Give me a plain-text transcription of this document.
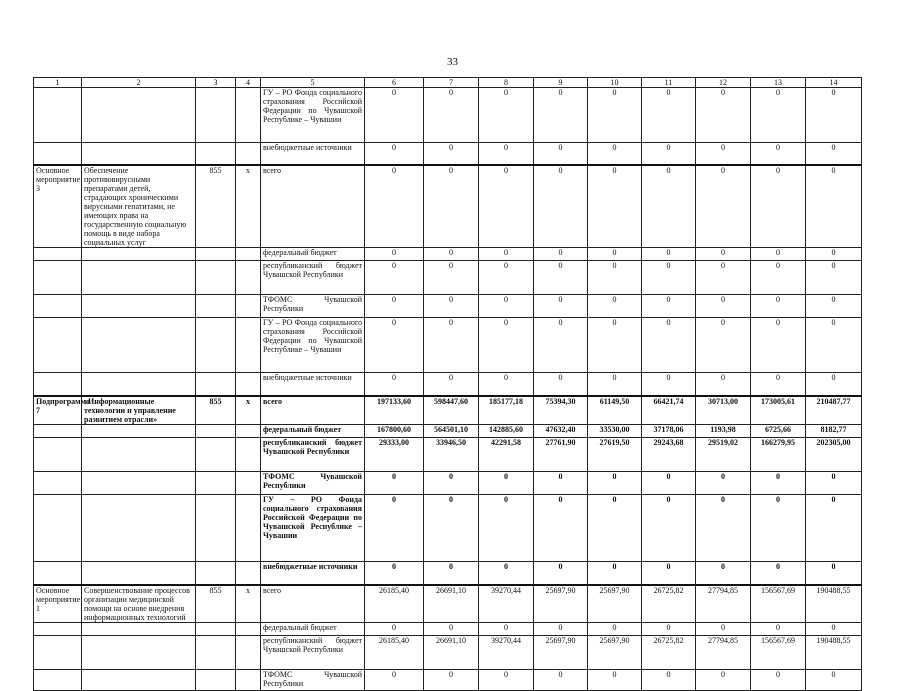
33
1	2	3	4	5	6	7	8	9	10	11	12	13	14
				ГУ – РО Фонда социального страхования Российской Федерации по Чувашской Республике – Чувашии	0	0	0	0	0	0	0	0	0
				внебюджетные источники	0	0	0	0	0	0	0	0	0
Основное мероприятие 3	Обеспечение противовирусными препаратами детей, страдающих хроническими вирусными гепатитами, не имеющих права на государственную социальную помощь в виде набора социальных услуг	855	х	всего	0	0	0	0	0	0	0	0	0
				федеральный бюджет	0	0	0	0	0	0	0	0	0
				республиканский бюджет Чувашской Республики	0	0	0	0	0	0	0	0	0
				ТФОМС Чувашской Республики	0	0	0	0	0	0	0	0	0
				ГУ – РО Фонда социального страхования Российской Федерации по Чувашской Республике – Чувашии	0	0	0	0	0	0	0	0	0
				внебюджетные источники	0	0	0	0	0	0	0	0	0
Подпрограмма 7	«Информационные технологии и управление развитием отрасли»	855	х	всего	197133,60	598447,60	185177,18	75394,30	61149,50	66421,74	30713,00	173005,61	210487,77
				федеральный бюджет	167800,60	564501,10	142885,60	47632,40	33530,00	37178,06	1193,98	6725,66	8182,77
				республиканский бюджет Чувашской Республики	29333,00	33946,50	42291,58	27761,90	27619,50	29243,68	29519,02	166279,95	202305,00
				ТФОМС Чувашской Республики	0	0	0	0	0	0	0	0	0
				ГУ – РО Фонда социального страхования Российской Федерации по Чувашской Республике – Чувашии	0	0	0	0	0	0	0	0	0
				внебюджетные источники	0	0	0	0	0	0	0	0	0
Основное мероприятие 1	Совершенствование процессов организации медицинской помощи на основе внедрения информационных технологий	855	х	всего	26185,40	26691,10	39270,44	25697,90	25697,90	26725,82	27794,85	156567,69	190488,55
				федеральный бюджет	0	0	0	0	0	0	0	0	0
				республиканский бюджет Чувашской Республики	26185,40	26691,10	39270,44	25697,90	25697,90	26725,82	27794,85	156567,69	190488,55
				ТФОМС Чувашской Республики	0	0	0	0	0	0	0	0	0
